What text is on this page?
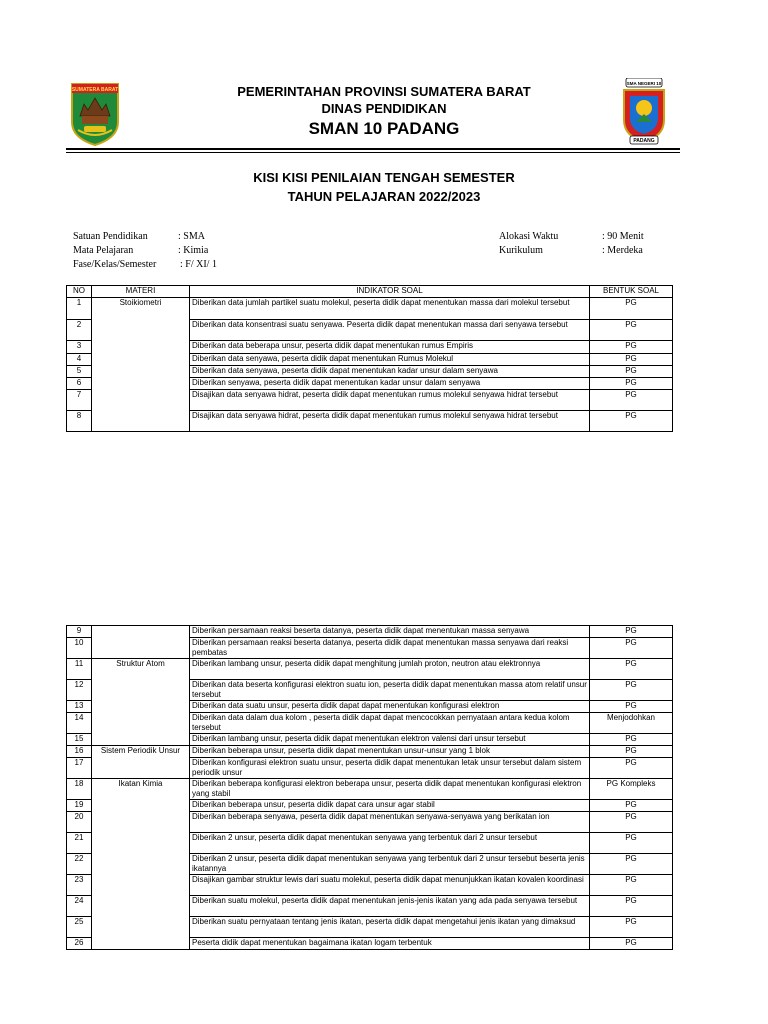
SUMATERA BARAT
SMA NEGERI 10
PADANG
PEMERINTAHAN PROVINSI SUMATERA BARAT
DINAS PENDIDIKAN
SMAN 10 PADANG
KISI KISI PENILAIAN TENGAH SEMESTER
TAHUN PELAJARAN 2022/2023
Satuan Pendidikan	: SMA
Mata Pelajaran	: Kimia
Fase/Kelas/Semester : F/ XI/ 1
Alokasi Waktu	: 90 Menit
Kurikulum	: Merdeka
NO	MATERI	INDIKATOR SOAL	BENTUK SOAL
1	Stoikiometri	Diberikan data jumlah partikel suatu molekul, peserta didik dapat menentukan massa dari molekul tersebut	PG
2		Diberikan data konsentrasi suatu senyawa. Peserta didik dapat menentukan massa dari senyawa tersebut	PG
3		Diberikan data beberapa unsur, peserta didik dapat menentukan rumus Empiris	PG
4		Diberikan data senyawa, peserta didik dapat menentukan Rumus Molekul	PG
5		Diberikan data senyawa, peserta didik dapat menentukan kadar unsur dalam senyawa	PG
6		Diberikan senyawa, peserta didik dapat menentukan kadar unsur dalam senyawa	PG
7		Disajikan data senyawa hidrat, peserta didik dapat menentukan rumus molekul senyawa hidrat tersebut	PG
8		Disajikan data senyawa hidrat, peserta didik dapat menentukan rumus molekul senyawa hidrat tersebut	PG
9		Diberikan persamaan reaksi beserta datanya, peserta didik dapat menentukan massa senyawa	PG
10		Diberikan persamaan reaksi beserta datanya, peserta didik dapat menentukan massa senyawa dari reaksi pembatas	PG
11	Struktur Atom	Diberikan lambang unsur, peserta didik dapat menghitung jumlah proton, neutron atau elektronnya	PG
12		Diberikan data beserta konfigurasi elektron suatu ion, peserta didik dapat menentukan massa atom relatif unsur tersebut	PG
13		Diberikan data suatu unsur, peserta didik dapat dapat menentukan konfigurasi elektron	PG
14		Diberikan data dalam dua kolom , peserta didik dapat dapat mencocokkan pernyataan antara kedua kolom tersebut	Menjodohkan
15		Diberikan lambang unsur, peserta didik dapat menentukan elektron valensi dari unsur tersebut	PG
16	Sistem Periodik Unsur	Diberikan beberapa unsur, peserta didik dapat menentukan unsur-unsur yang 1 blok	PG
17		Diberikan konfigurasi elektron suatu unsur, peserta didik dapat menentukan letak unsur tersebut dalam sistem periodik unsur	PG
18	Ikatan Kimia	Diberikan beberapa konfigurasi elektron beberapa unsur, peserta didik dapat menentukan konfigurasi elektron yang stabil	PG Kompleks
19		Diberikan beberapa unsur, peserta didik dapat cara unsur agar stabil	PG
20		Diberikan beberapa senyawa, peserta didik dapat menentukan senyawa-senyawa yang berikatan ion	PG
21		Diberikan 2 unsur, peserta didik dapat menentukan senyawa yang terbentuk dari 2 unsur tersebut	PG
22		Diberikan 2 unsur, peserta didik dapat menentukan senyawa yang terbentuk dari 2 unsur tersebut beserta jenis ikatannya	PG
23		Disajikan gambar struktur lewis dari suatu molekul, peserta didik dapat menunjukkan ikatan kovalen koordinasi	PG
24		Diberikan suatu molekul, peserta didik dapat menentukan jenis-jenis ikatan yang ada pada senyawa tersebut	PG
25		Diberikan suatu pernyataan tentang jenis ikatan, peserta didik dapat mengetahui jenis ikatan yang dimaksud	PG
26		Peserta didik dapat menentukan bagaimana ikatan logam terbentuk	PG
